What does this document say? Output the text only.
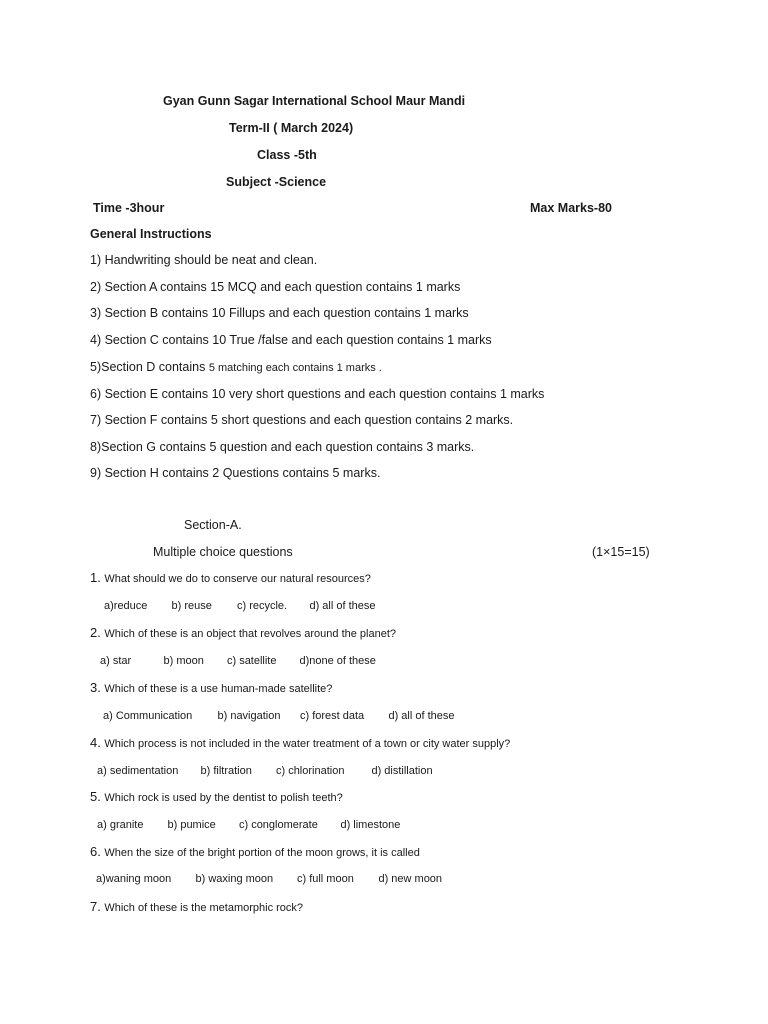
Gyan Gunn Sagar International School Maur Mandi
Term-II ( March 2024)
Class -5th
Subject -Science
Time -3hour	Max Marks-80
General Instructions
1) Handwriting should be neat and clean.
2) Section A contains 15 MCQ and each question contains 1 marks
3) Section B contains 10 Fillups and each question contains 1 marks
4) Section C contains 10 True /false and each question contains 1 marks
5)Section D contains 5 matching each contains 1 marks .
6) Section E contains 10 very short questions and each question contains 1 marks
7) Section F contains 5 short questions and each question contains 2 marks.
8)Section G contains 5 question and each question contains 3 marks.
9) Section H contains 2 Questions contains 5 marks.
Section-A.
Multiple choice questions	(1×15=15)
1. What should we do to conserve our natural resources?
a)reduce b) reuse c) recycle. d) all of these
2. Which of these is an object that revolves around the planet?
a) star	b) moon c) satellite d)none of these
3. Which of these is a use human-made satellite?
a) Communication b) navigation c) forest data d) all of these
4. Which process is not included in the water treatment of a town or city water supply?
a) sedimentation b) filtration c) chlorination d) distillation
5. Which rock is used by the dentist to polish teeth?
a) granite b) pumice c) conglomerate d) limestone
6. When the size of the bright portion of the moon grows, it is called
a)waning moon b) waxing moon c) full moon d) new moon
7. Which of these is the metamorphic rock?
